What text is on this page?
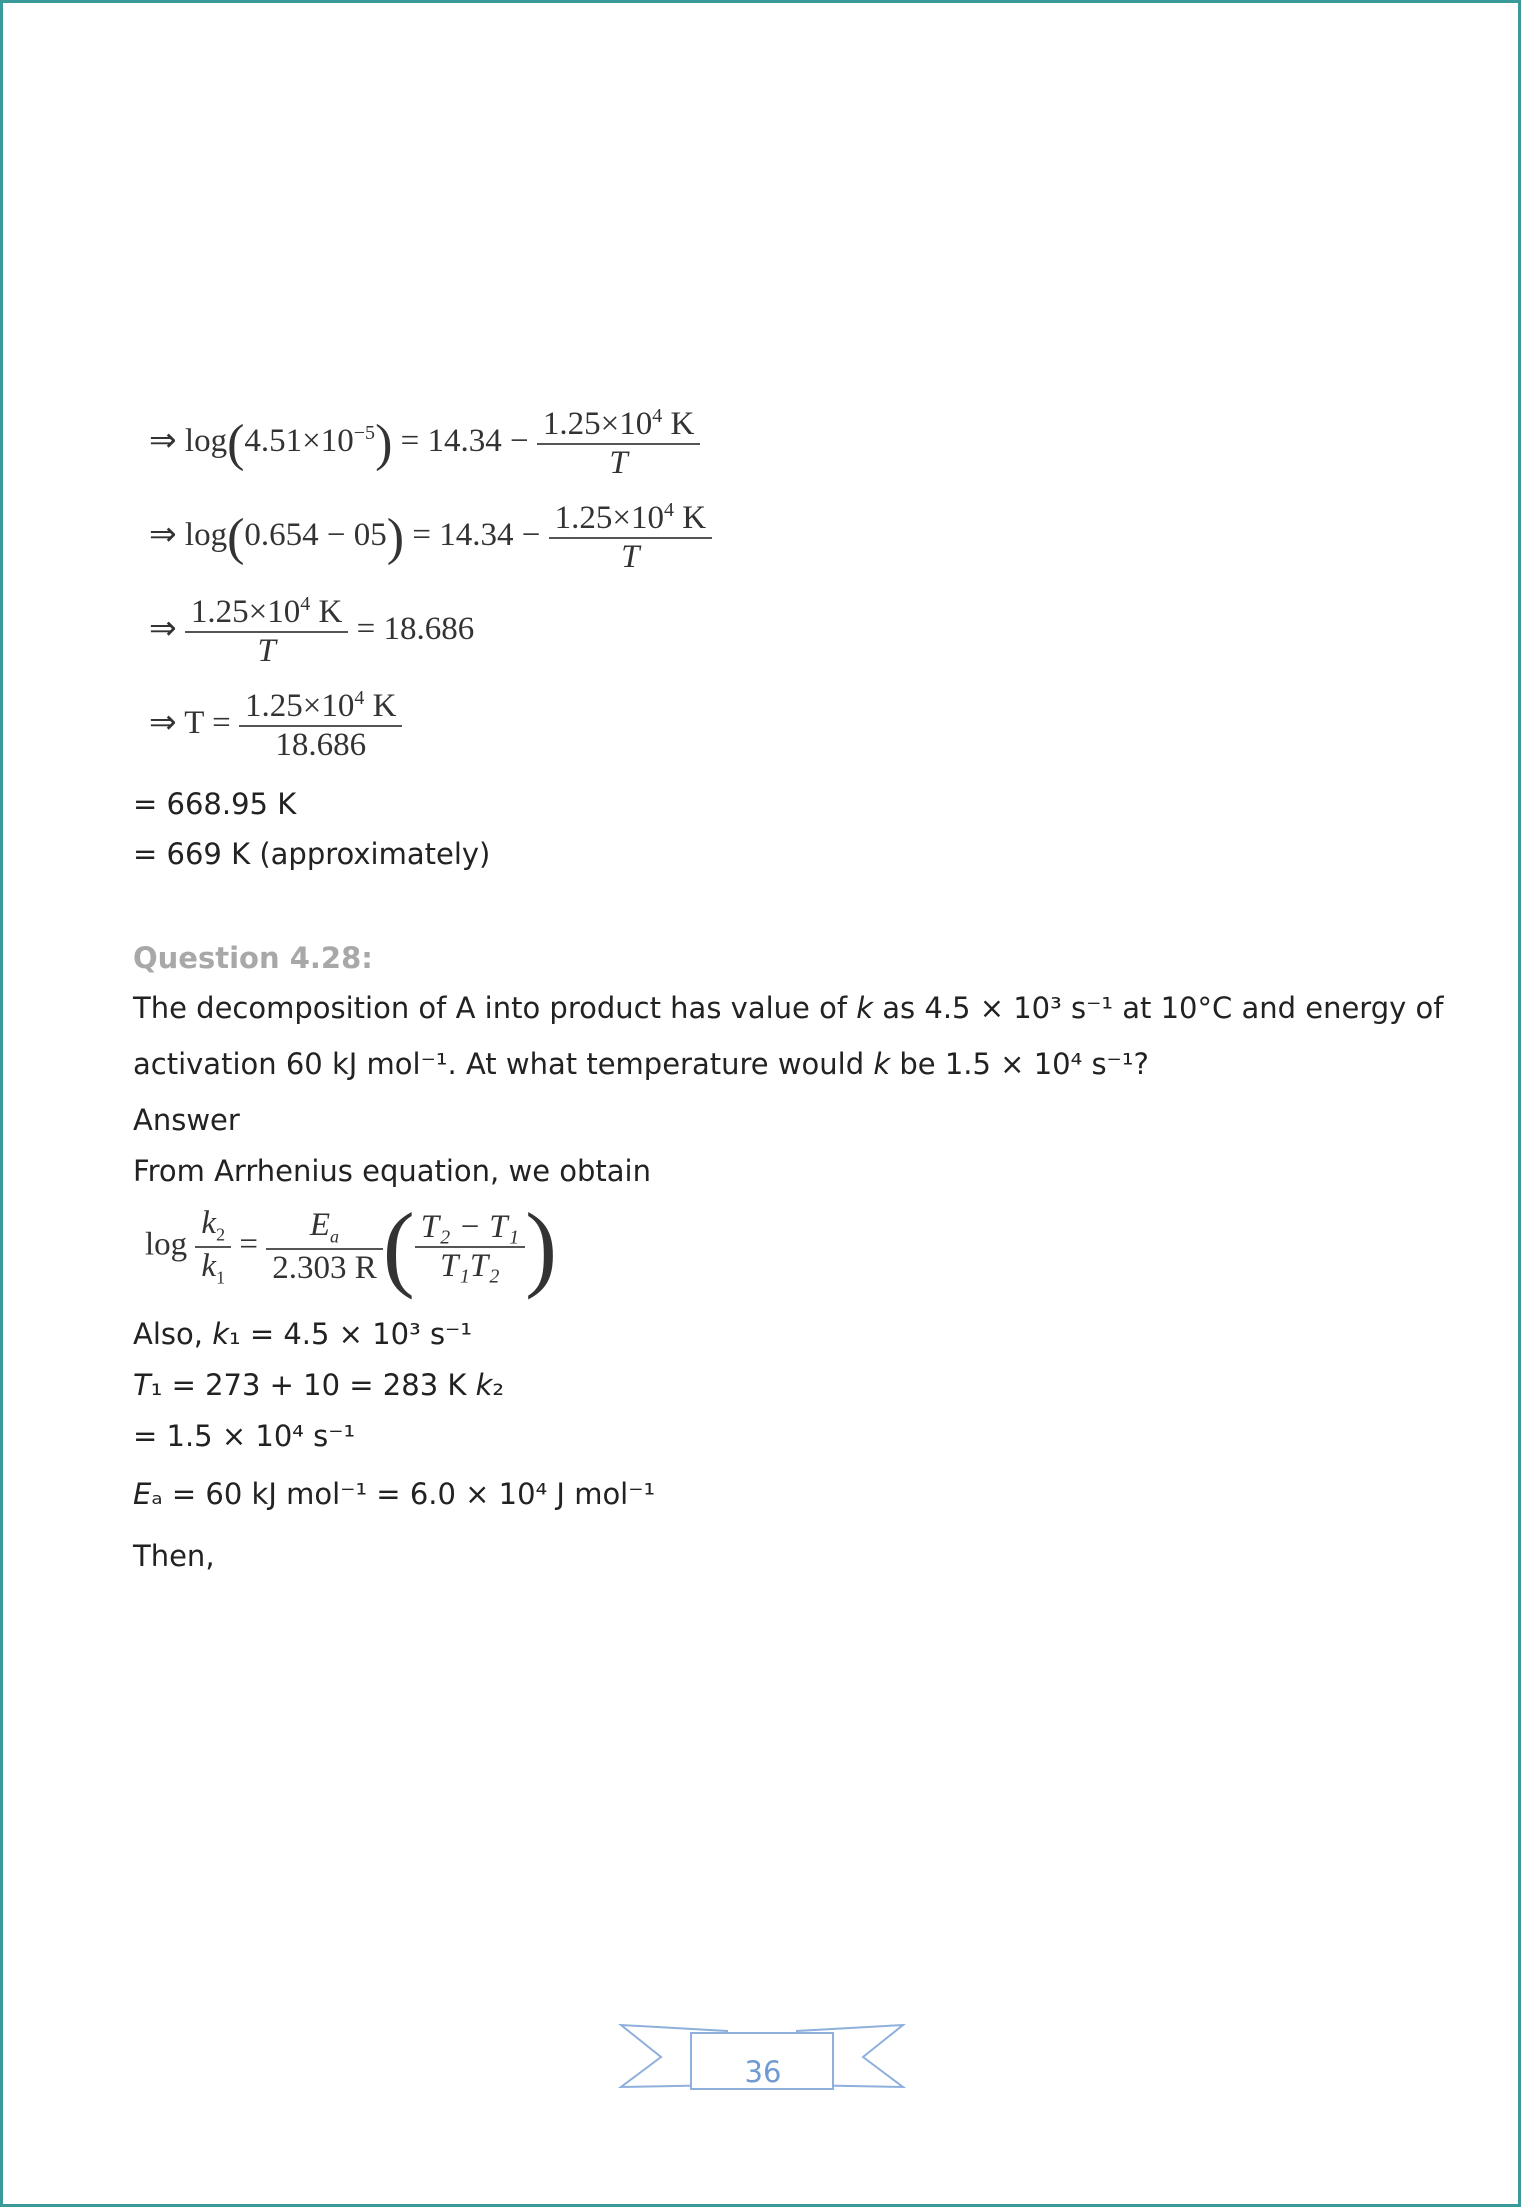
⇒ $\log(4.51\times 10^{-5}) = 14.34 - \frac{1.25\times 10^4 K}{T}$
⇒ $\log(0.654 - 05) = 14.34 - \frac{1.25\times 10^4 K}{T}$
⇒ $\frac{1.25\times 10^4 K}{T} = 18.686$
⇒ $T = \frac{1.25\times 10^4 K}{18.686}$
= 668.95 K
= 669 K (approximately)
Question 4.28:
The decomposition of A into product has value of k as 4.5 × 10³ s⁻¹ at 10°C and energy of
activation 60 kJ mol⁻¹. At what temperature would k be 1.5 × 10⁴ s⁻¹?
Answer
From Arrhenius equation, we obtain
$\log \frac{k_2}{k_1} = \frac{E_a}{2.303 R}$ ( $\frac{\text{T₂ − T₁}}{\text{T₁T₂}}$ )
Also, k₁ = 4.5 × 10³ s⁻¹
T₁ = 273 + 10 = 283 K k₂
= 1.5 × 10⁴ s⁻¹
Eₐ = 60 kJ mol⁻¹ = 6.0 × 10⁴ J mol⁻¹
Then,
36
